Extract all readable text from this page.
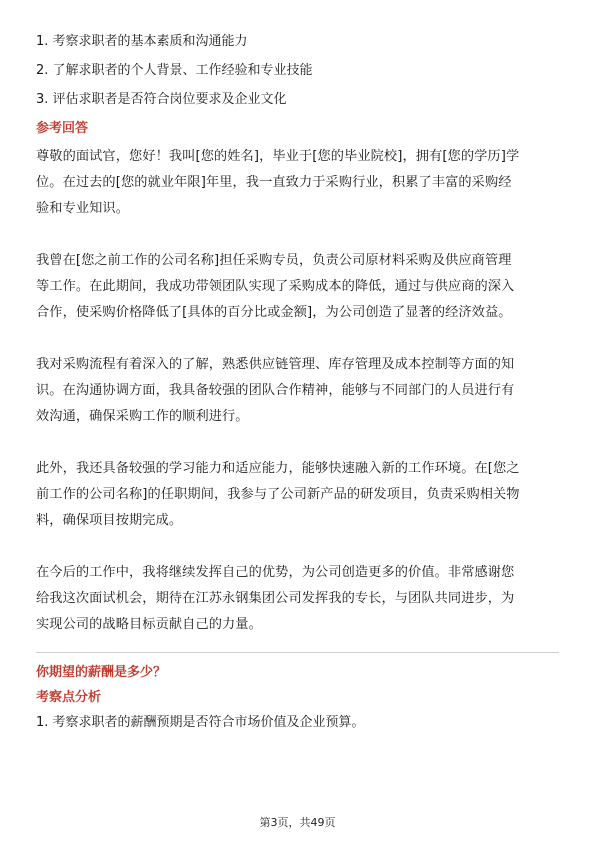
1. 考察求职者的基本素质和沟通能力
2. 了解求职者的个人背景、工作经验和专业技能
3. 评估求职者是否符合岗位要求及企业文化
参考回答
尊敬的面试官，您好！我叫[您的姓名]，毕业于[您的毕业院校]，拥有[您的学历]学
位。在过去的[您的就业年限]年里，我一直致力于采购行业，积累了丰富的采购经
验和专业知识。
我曾在[您之前工作的公司名称]担任采购专员，负责公司原材料采购及供应商管理
等工作。在此期间，我成功带领团队实现了采购成本的降低，通过与供应商的深入
合作，使采购价格降低了[具体的百分比或金额]，为公司创造了显著的经济效益。
我对采购流程有着深入的了解，熟悉供应链管理、库存管理及成本控制等方面的知
识。在沟通协调方面，我具备较强的团队合作精神，能够与不同部门的人员进行有
效沟通，确保采购工作的顺利进行。
此外，我还具备较强的学习能力和适应能力，能够快速融入新的工作环境。在[您之
前工作的公司名称]的任职期间，我参与了公司新产品的研发项目，负责采购相关物
料，确保项目按期完成。
在今后的工作中，我将继续发挥自己的优势，为公司创造更多的价值。非常感谢您
给我这次面试机会，期待在江苏永钢集团公司发挥我的专长，与团队共同进步，为
实现公司的战略目标贡献自己的力量。
你期望的薪酬是多少？
考察点分析
1. 考察求职者的薪酬预期是否符合市场价值及企业预算。
第3页，共49页
